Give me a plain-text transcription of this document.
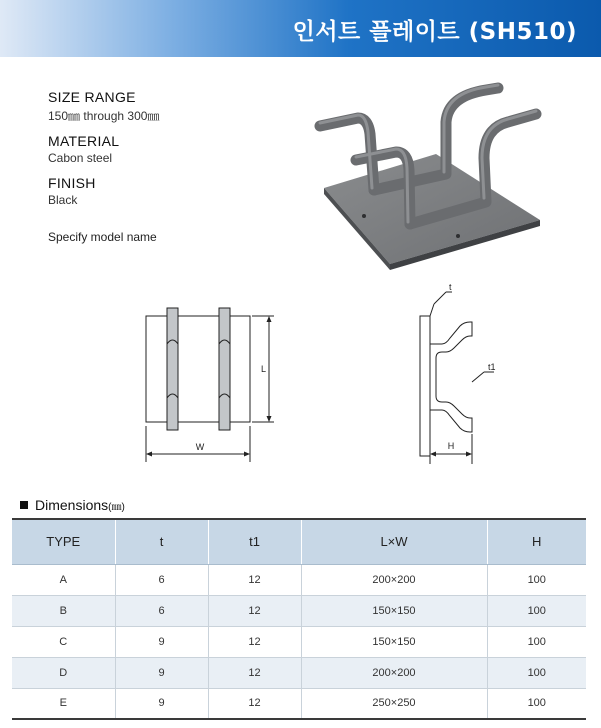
인서트 플레이트 (SH510)
SIZE RANGE
150㎜ through 300㎜
MATERIAL
Cabon steel
FINISH
Black
Specify model name
L
W
t
t1
H
Dimensions(㎜)
TYPE	t	t1	L×W	H
A	6	12	200×200	100
B	6	12	150×150	100
C	9	12	150×150	100
D	9	12	200×200	100
E	9	12	250×250	100
